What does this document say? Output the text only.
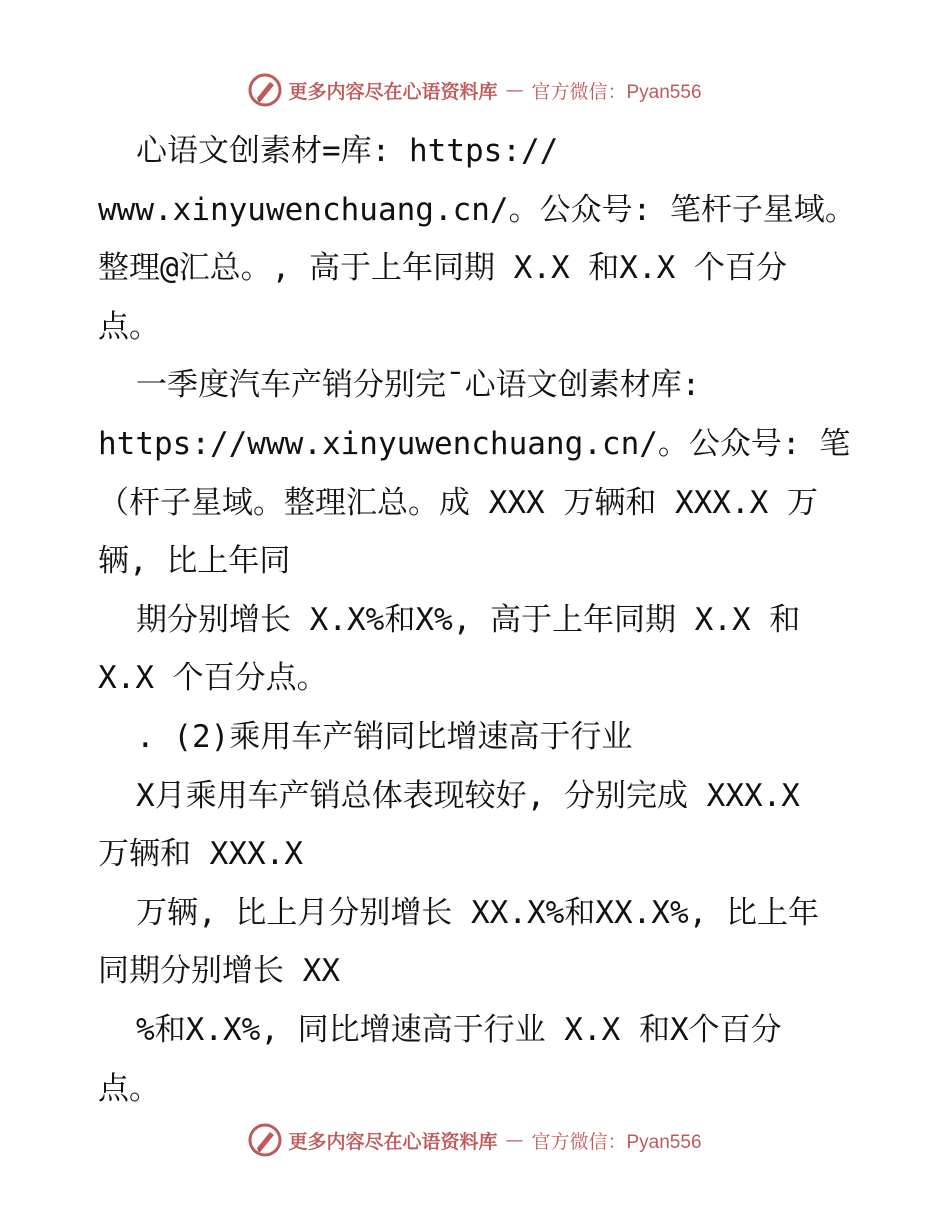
更多内容尽在心语资料库 — 官方微信：Pyan556
心语文创素材=库: https://
www.xinyuwenchuang.cn/。公众号: 笔杆子星域。
整理@汇总。, 高于上年同期 X.X 和X.X 个百分
点。
一季度汽车产销分别完¯心语文创素材库:
https://www.xinyuwenchuang.cn/。公众号: 笔
（杆子星域。整理汇总。成 XXX 万辆和 XXX.X 万
辆, 比上年同
期分别增长 X.X%和X%, 高于上年同期 X.X 和
X.X 个百分点。
. (2)乘用车产销同比增速高于行业
X月乘用车产销总体表现较好, 分别完成 XXX.X
万辆和 XXX.X
万辆, 比上月分别增长 XX.X%和XX.X%, 比上年
同期分别增长 XX
%和X.X%, 同比增速高于行业 X.X 和X个百分
点。
更多内容尽在心语资料库 — 官方微信：Pyan556
